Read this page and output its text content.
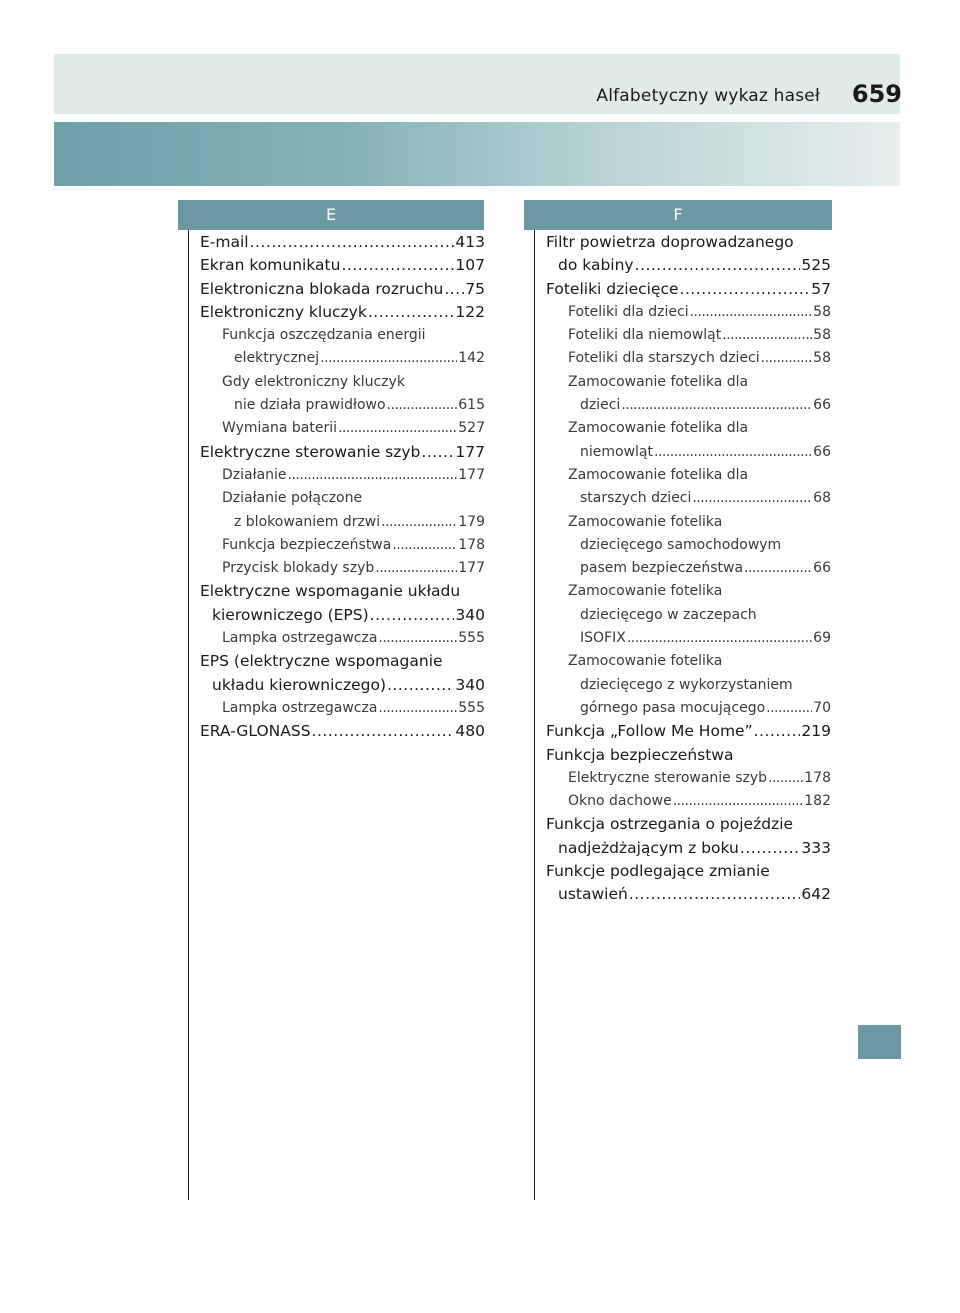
Alfabetyczny wykaz haseł 659
E	F
E-mail .....	413
Ekran komunikatu .....	107
Elektroniczna blokada rozruchu ..... 75
Elektroniczny kluczyk .....	122
Funkcja oszczędzania energii
elektrycznej .....	142
Gdy elektroniczny kluczyk
nie działa prawidłowo .....	615
Wymiana baterii .....	527
Elektryczne sterowanie szyb ..... 177
Działanie .....	177
Działanie połączone
z blokowaniem drzwi .....	179
Funkcja bezpieczeństwa .....	178
Przycisk blokady szyb .....	177
Elektryczne wspomaganie układu
kierowniczego (EPS) .....	340
Lampka ostrzegawcza .....	555
EPS (elektryczne wspomaganie
układu kierowniczego) .....	340
Lampka ostrzegawcza .....	555
ERA-GLONASS .....	480
Filtr powietrza doprowadzanego
do kabiny .....	525
Foteliki dziecięce .....	57
Foteliki dla dzieci .....	58
Foteliki dla niemowląt .....	58
Foteliki dla starszych dzieci .....	58
Zamocowanie fotelika dla
dzieci .....	66
Zamocowanie fotelika dla
niemowląt .....	66
Zamocowanie fotelika dla
starszych dzieci .....	68
Zamocowanie fotelika
dziecięcego samochodowym
pasem bezpieczeństwa .....	66
Zamocowanie fotelika
dziecięcego w zaczepach
ISOFIX .....	69
Zamocowanie fotelika
dziecięcego z wykorzystaniem
górnego pasa mocującego .....	70
Funkcja „Follow Me Home” .....	219
Funkcja bezpieczeństwa
Elektryczne sterowanie szyb .....	178
Okno dachowe .....	182
Funkcja ostrzegania o pojeździe
nadjeżdżającym z boku .....	333
Funkcje podlegające zmianie
ustawień .....	642
